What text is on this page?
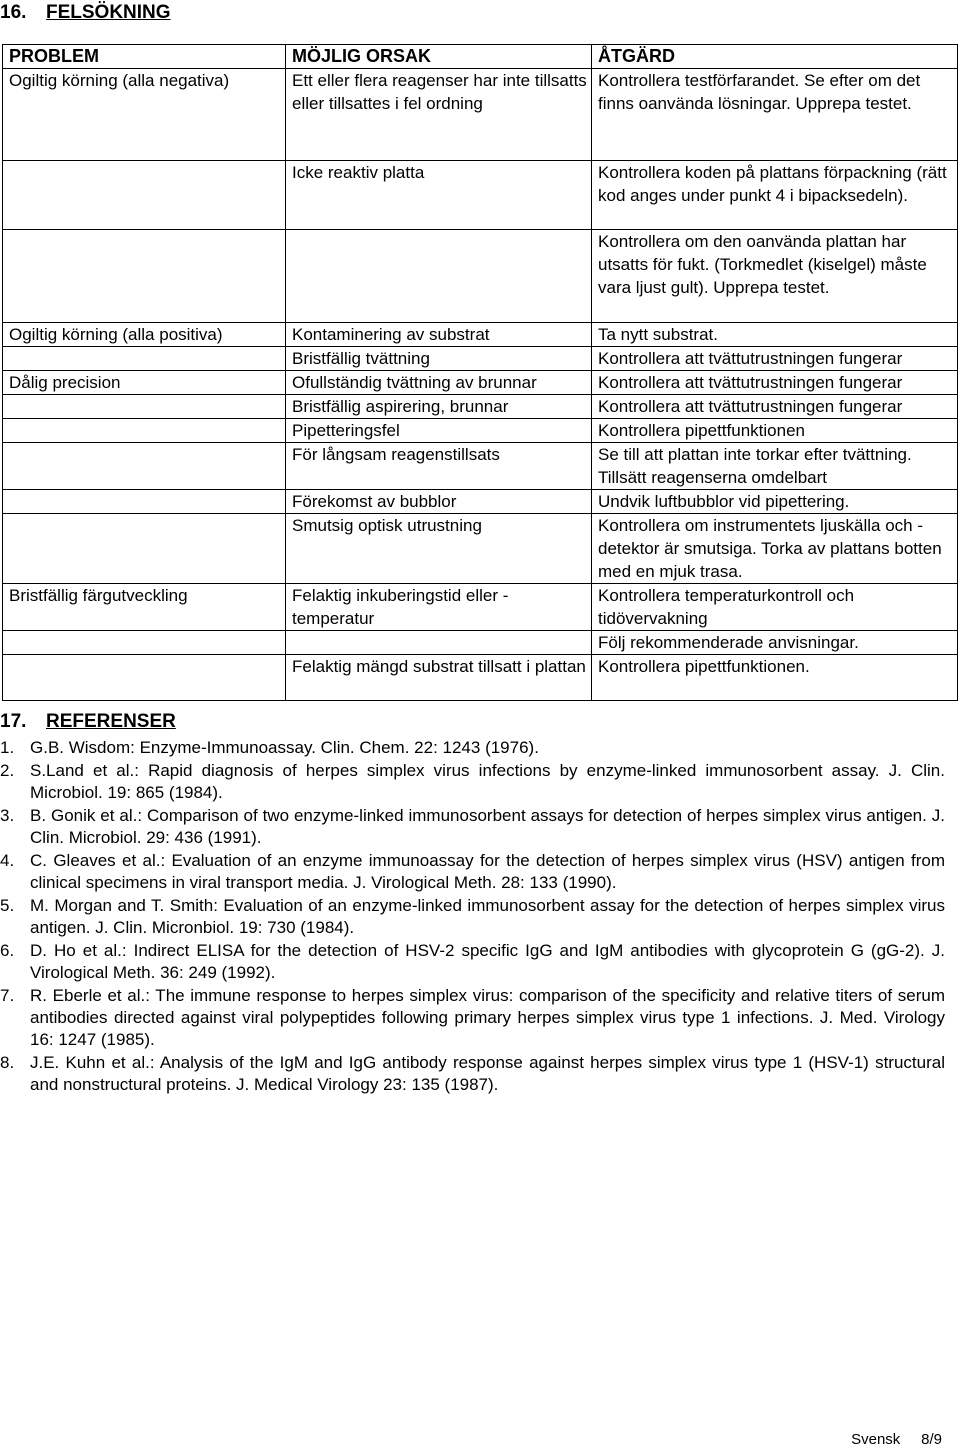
16. FELSÖKNING
PROBLEM	MÖJLIG ORSAK	ÅTGÄRD
Ogiltig körning (alla negativa)	Ett eller flera reagenser har inte tillsatts eller tillsattes i fel ordning	Kontrollera testförfarandet. Se efter om det finns oanvända lösningar. Upprepa testet.
	Icke reaktiv platta	Kontrollera koden på plattans förpackning (rätt kod anges under punkt 4 i bipacksedeln).
		Kontrollera om den oanvända plattan har utsatts för fukt. (Torkmedlet (kiselgel) måste vara ljust gult). Upprepa testet.
Ogiltig körning (alla positiva)	Kontaminering av substrat	Ta nytt substrat.
	Bristfällig tvättning	Kontrollera att tvättutrustningen fungerar
Dålig precision	Ofullständig tvättning av brunnar	Kontrollera att tvättutrustningen fungerar
	Bristfällig aspirering, brunnar	Kontrollera att tvättutrustningen fungerar
	Pipetteringsfel	Kontrollera pipettfunktionen
	För långsam reagenstillsats	Se till att plattan inte torkar efter tvättning. Tillsätt reagenserna omdelbart
	Förekomst av bubblor	Undvik luftbubblor vid pipettering.
	Smutsig optisk utrustning	Kontrollera om instrumentets ljuskälla och -detektor är smutsiga. Torka av plattans botten med en mjuk trasa.
Bristfällig färgutveckling	Felaktig inkuberingstid eller - temperatur	Kontrollera temperaturkontroll och tidövervakning
		Följ rekommenderade anvisningar.
	Felaktig mängd substrat tillsatt i plattan	Kontrollera pipettfunktionen.
17. REFERENSER
1. G.B. Wisdom: Enzyme-Immunoassay. Clin. Chem. 22: 1243 (1976).
2. S.Land et al.: Rapid diagnosis of herpes simplex virus infections by enzyme-linked immunosorbent assay. J. Clin. Microbiol. 19: 865 (1984).
3. B. Gonik et al.: Comparison of two enzyme-linked immunosorbent assays for detection of herpes simplex virus antigen. J. Clin. Microbiol. 29: 436 (1991).
4. C. Gleaves et al.: Evaluation of an enzyme immunoassay for the detection of herpes simplex virus (HSV) antigen from clinical specimens in viral transport media. J. Virological Meth. 28: 133 (1990).
5. M. Morgan and T. Smith: Evaluation of an enzyme-linked immunosorbent assay for the detection of herpes simplex virus antigen. J. Clin. Micronbiol. 19: 730 (1984).
6. D. Ho et al.: Indirect ELISA for the detection of HSV-2 specific IgG and IgM antibodies with glycoprotein G (gG-2). J. Virological Meth. 36: 249 (1992).
7. R. Eberle et al.: The immune response to herpes simplex virus: comparison of the specificity and relative titers of serum antibodies directed against viral polypeptides following primary herpes simplex virus type 1 infections. J. Med. Virology 16: 1247 (1985).
8. J.E. Kuhn et al.: Analysis of the IgM and IgG antibody response against herpes simplex virus type 1 (HSV-1) structural and nonstructural proteins. J. Medical Virology 23: 135 (1987).
Svensk 8/9
